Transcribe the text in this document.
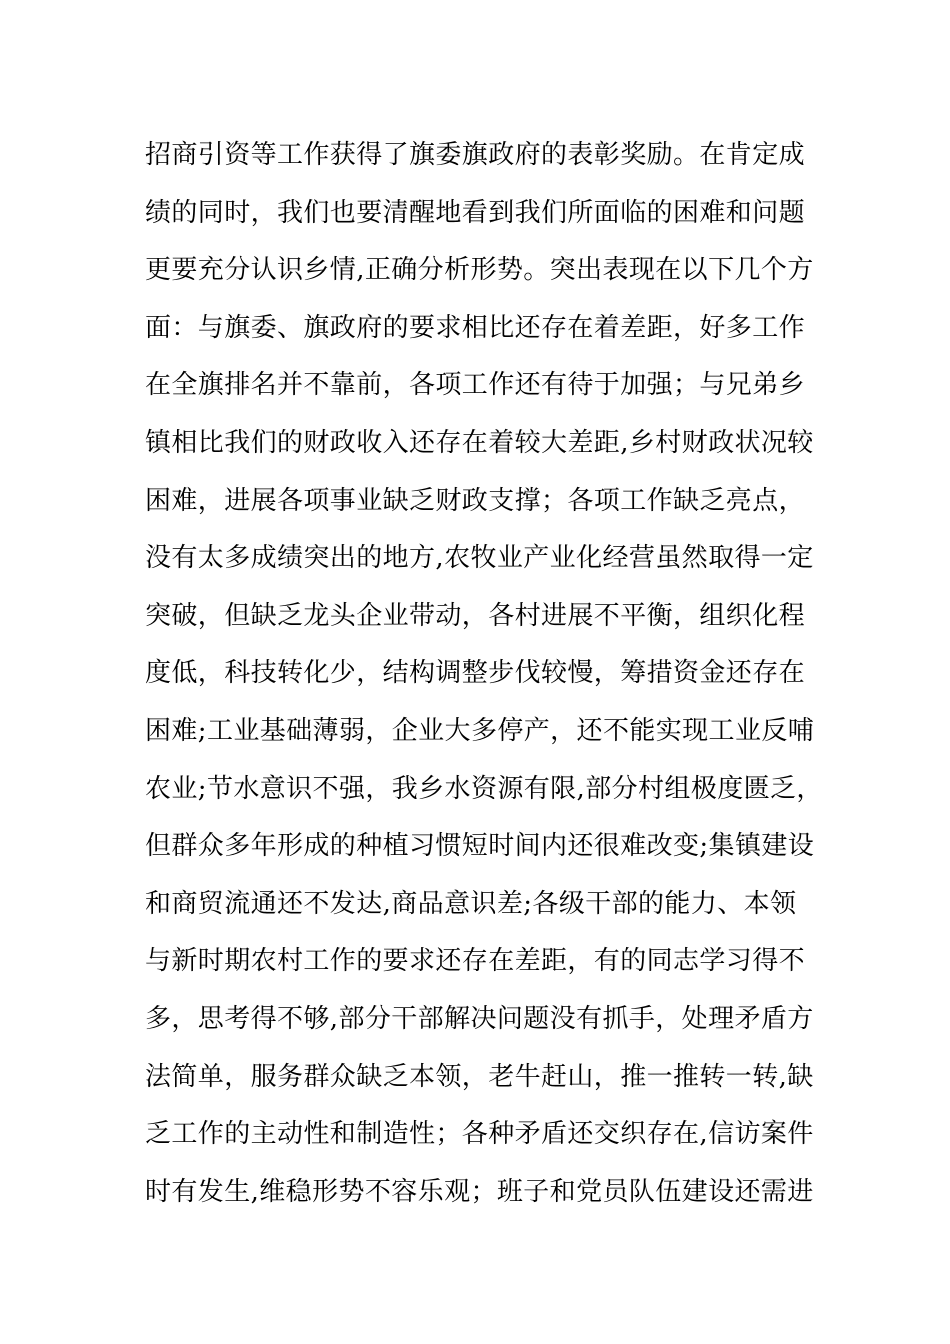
招商引资等工作获得了旗委旗政府的表彰奖励。在肯定成
绩的同时，我们也要清醒地看到我们所面临的困难和问题
更要充分认识乡情,正确分析形势。突出表现在以下几个方
面：与旗委、旗政府的要求相比还存在着差距，好多工作
在全旗排名并不靠前，各项工作还有待于加强；与兄弟乡
镇相比我们的财政收入还存在着较大差距,乡村财政状况较
困难，进展各项事业缺乏财政支撑；各项工作缺乏亮点，
没有太多成绩突出的地方,农牧业产业化经营虽然取得一定
突破，但缺乏龙头企业带动，各村进展不平衡，组织化程
度低，科技转化少，结构调整步伐较慢，筹措资金还存在
困难;工业基础薄弱，企业大多停产，还不能实现工业反哺
农业;节水意识不强，我乡水资源有限,部分村组极度匮乏，
但群众多年形成的种植习惯短时间内还很难改变;集镇建设
和商贸流通还不发达,商品意识差;各级干部的能力、本领
与新时期农村工作的要求还存在差距，有的同志学习得不
多，思考得不够,部分干部解决问题没有抓手，处理矛盾方
法简单，服务群众缺乏本领，老牛赶山，推一推转一转,缺
乏工作的主动性和制造性；各种矛盾还交织存在,信访案件
时有发生,维稳形势不容乐观；班子和党员队伍建设还需进
